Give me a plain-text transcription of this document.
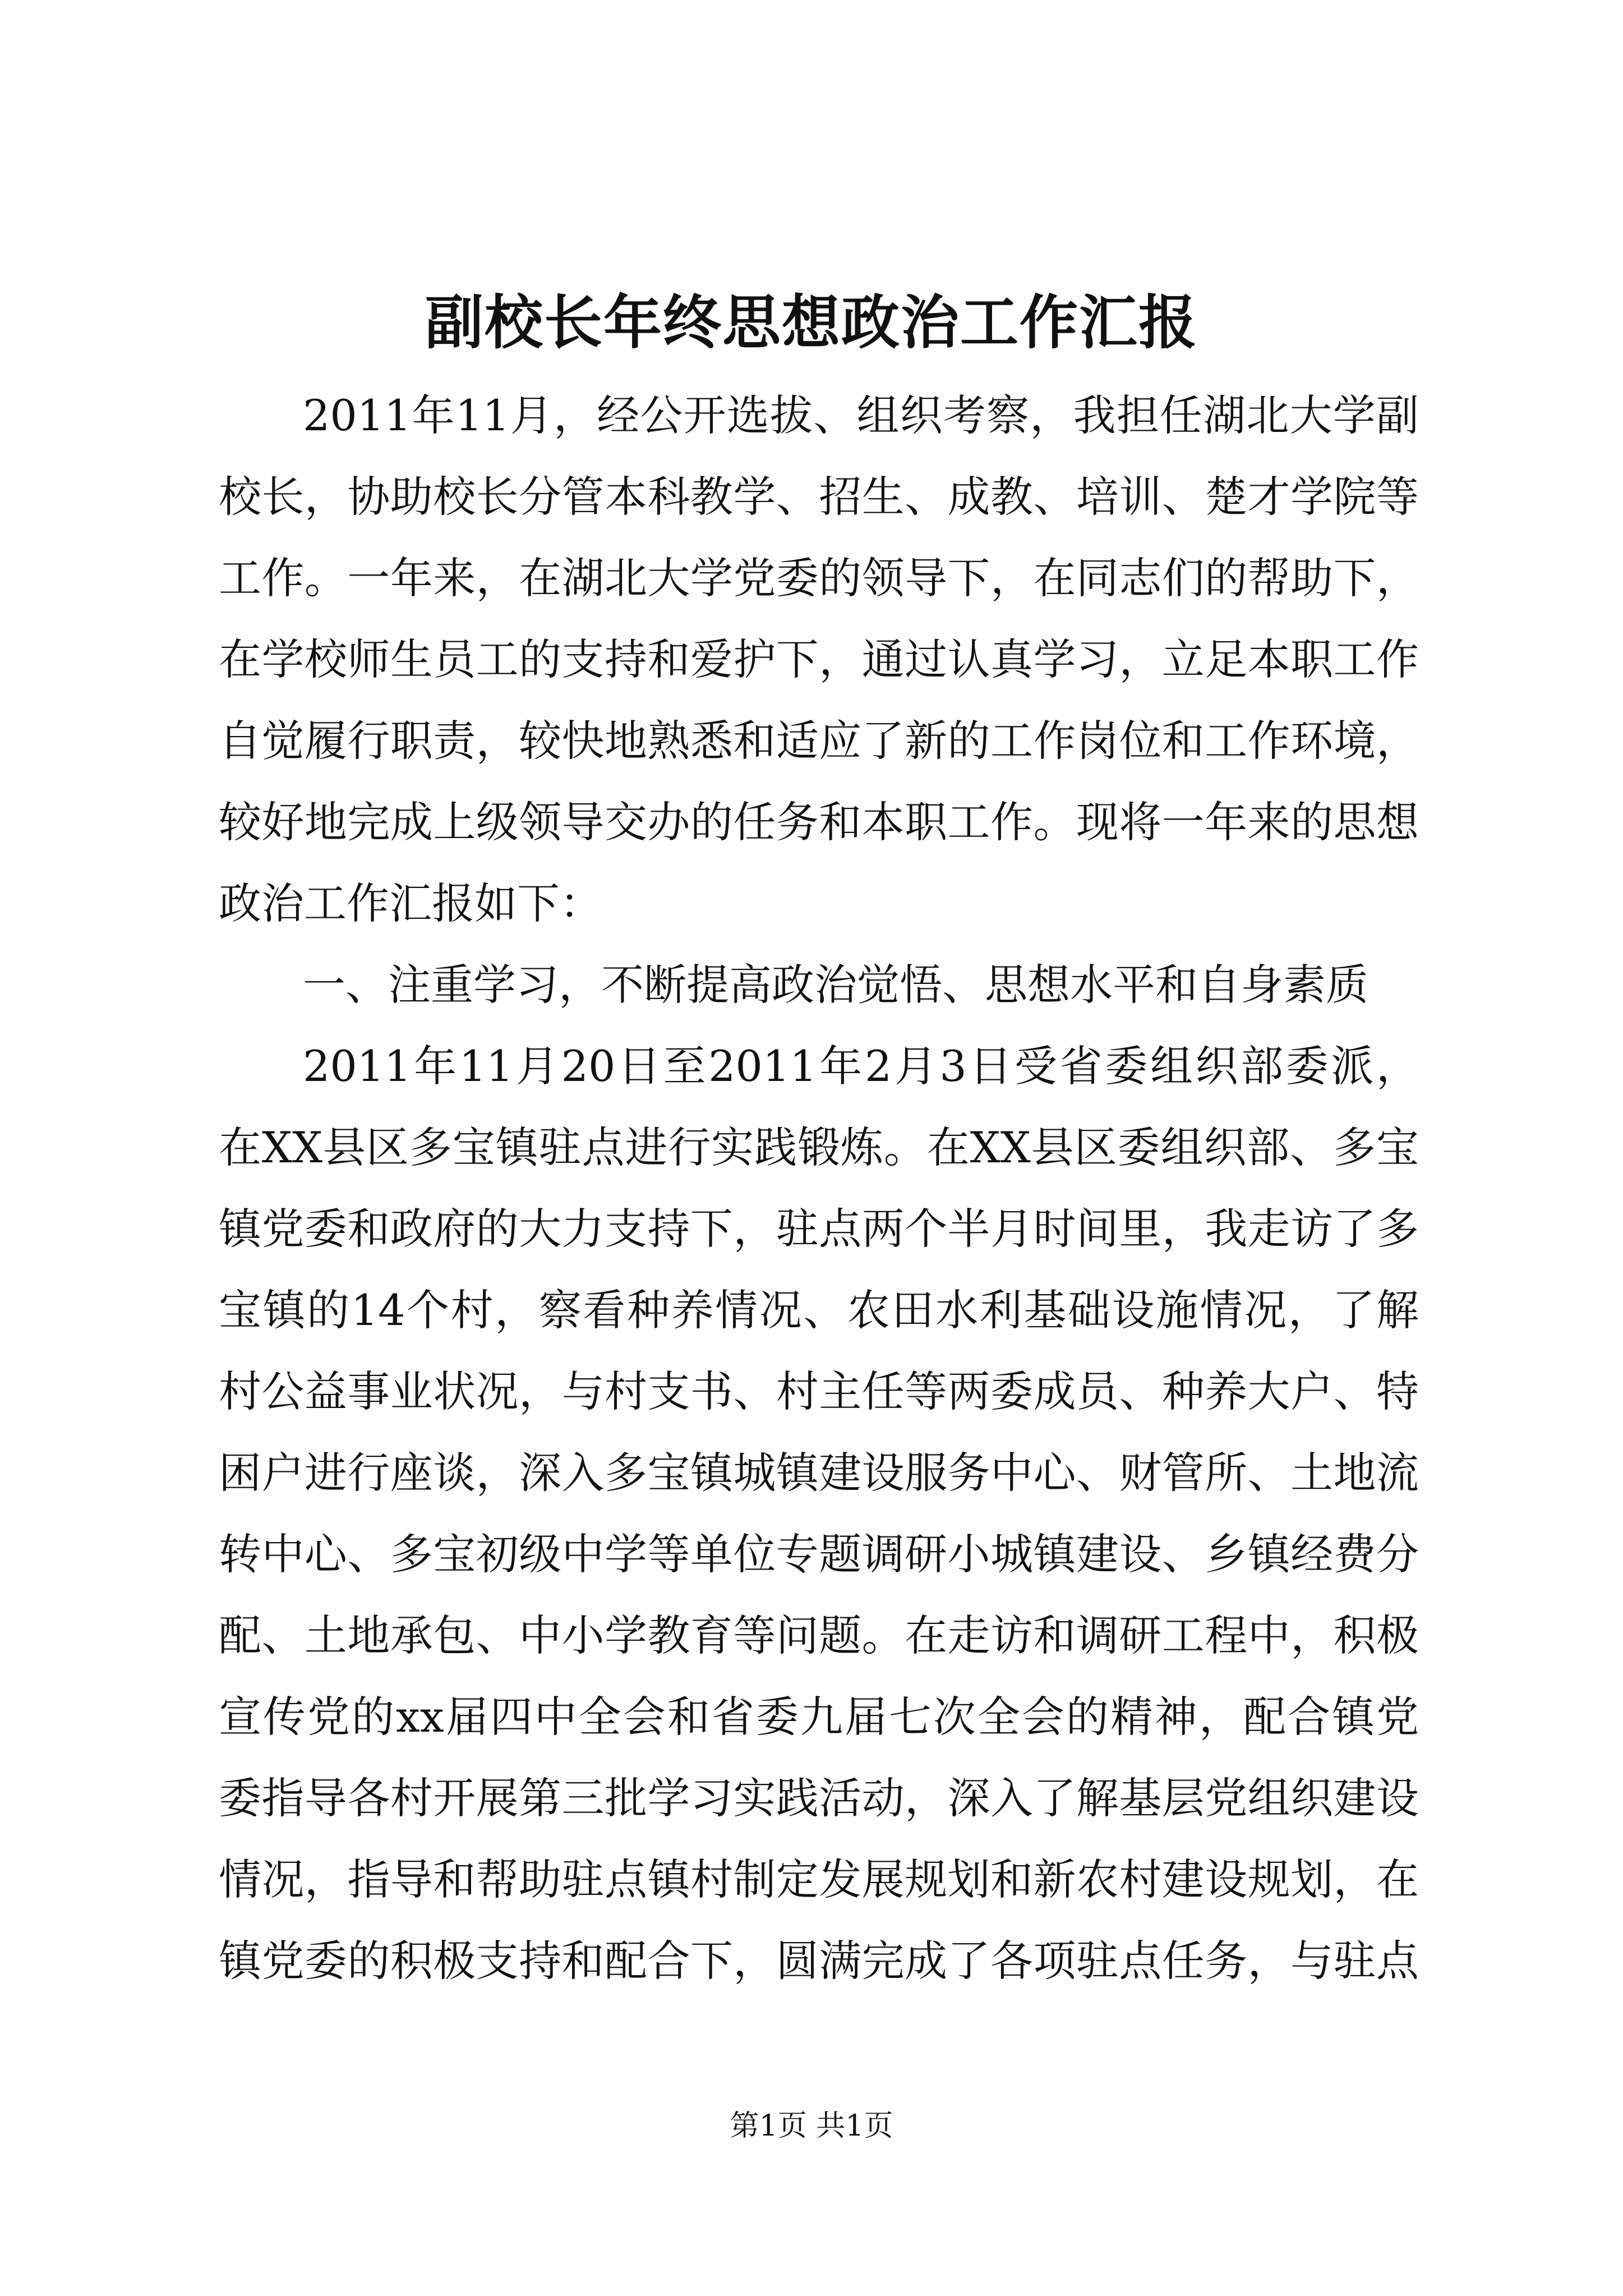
副校长年终思想政治工作汇报
2011年11月，经公开选拔、组织考察，我担任湖北大学副
校长，协助校长分管本科教学、招生、成教、培训、楚才学院等
工作。一年来，在湖北大学党委的领导下，在同志们的帮助下，
在学校师生员工的支持和爱护下，通过认真学习，立足本职工作
自觉履行职责，较快地熟悉和适应了新的工作岗位和工作环境，
较好地完成上级领导交办的任务和本职工作。现将一年来的思想
政治工作汇报如下：
一、注重学习，不断提高政治觉悟、思想水平和自身素质
2011年11月20日至2011年2月3日受省委组织部委派，
在XX县区多宝镇驻点进行实践锻炼。在XX县区委组织部、多宝
镇党委和政府的大力支持下，驻点两个半月时间里，我走访了多
宝镇的14个村，察看种养情况、农田水利基础设施情况，了解
村公益事业状况，与村支书、村主任等两委成员、种养大户、特
困户进行座谈，深入多宝镇城镇建设服务中心、财管所、土地流
转中心、多宝初级中学等单位专题调研小城镇建设、乡镇经费分
配、土地承包、中小学教育等问题。在走访和调研工程中，积极
宣传党的xx届四中全会和省委九届七次全会的精神，配合镇党
委指导各村开展第三批学习实践活动，深入了解基层党组织建设
情况，指导和帮助驻点镇村制定发展规划和新农村建设规划，在
镇党委的积极支持和配合下，圆满完成了各项驻点任务，与驻点
第1页 共1页
